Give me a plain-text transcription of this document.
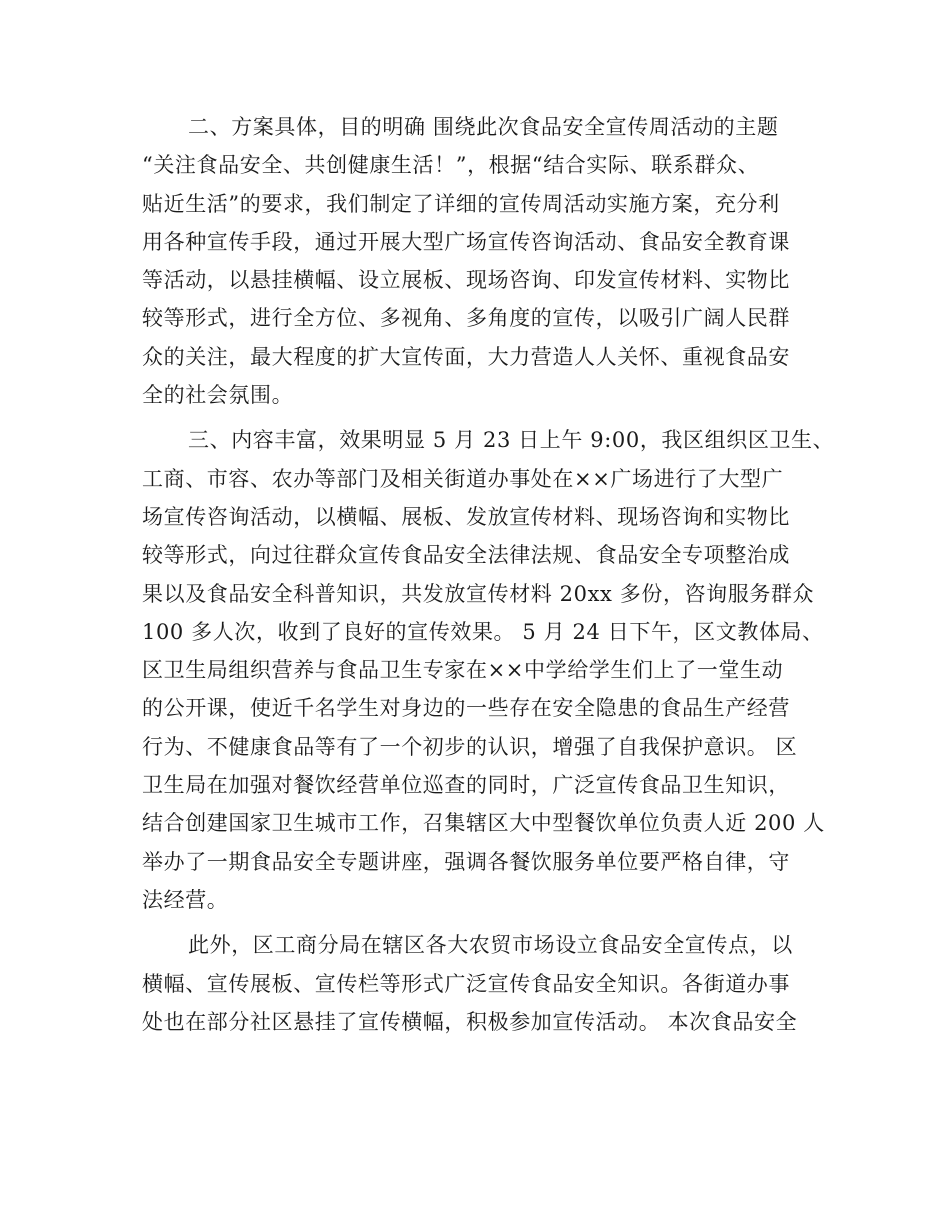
二、方案具体，目的明确 围绕此次食品安全宣传周活动的主题
“关注食品安全、共创健康生活！”，根据“结合实际、联系群众、
贴近生活”的要求，我们制定了详细的宣传周活动实施方案，充分利
用各种宣传手段，通过开展大型广场宣传咨询活动、食品安全教育课
等活动，以悬挂横幅、设立展板、现场咨询、印发宣传材料、实物比
较等形式，进行全方位、多视角、多角度的宣传，以吸引广阔人民群
众的关注，最大程度的扩大宣传面，大力营造人人关怀、重视食品安
全的社会氛围。

三、内容丰富，效果明显 5 月 23 日上午 9:00，我区组织区卫生、
工商、市容、农办等部门及相关街道办事处在××广场进行了大型广
场宣传咨询活动，以横幅、展板、发放宣传材料、现场咨询和实物比
较等形式，向过往群众宣传食品安全法律法规、食品安全专项整治成
果以及食品安全科普知识，共发放宣传材料 20xx 多份，咨询服务群众
100 多人次，收到了良好的宣传效果。 5 月 24 日下午，区文教体局、
区卫生局组织营养与食品卫生专家在××中学给学生们上了一堂生动
的公开课，使近千名学生对身边的一些存在安全隐患的食品生产经营
行为、不健康食品等有了一个初步的认识，增强了自我保护意识。 区
卫生局在加强对餐饮经营单位巡查的同时，广泛宣传食品卫生知识，
结合创建国家卫生城市工作，召集辖区大中型餐饮单位负责人近 200 人
举办了一期食品安全专题讲座，强调各餐饮服务单位要严格自律，守
法经营。

此外，区工商分局在辖区各大农贸市场设立食品安全宣传点，以
横幅、宣传展板、宣传栏等形式广泛宣传食品安全知识。各街道办事
处也在部分社区悬挂了宣传横幅，积极参加宣传活动。 本次食品安全
